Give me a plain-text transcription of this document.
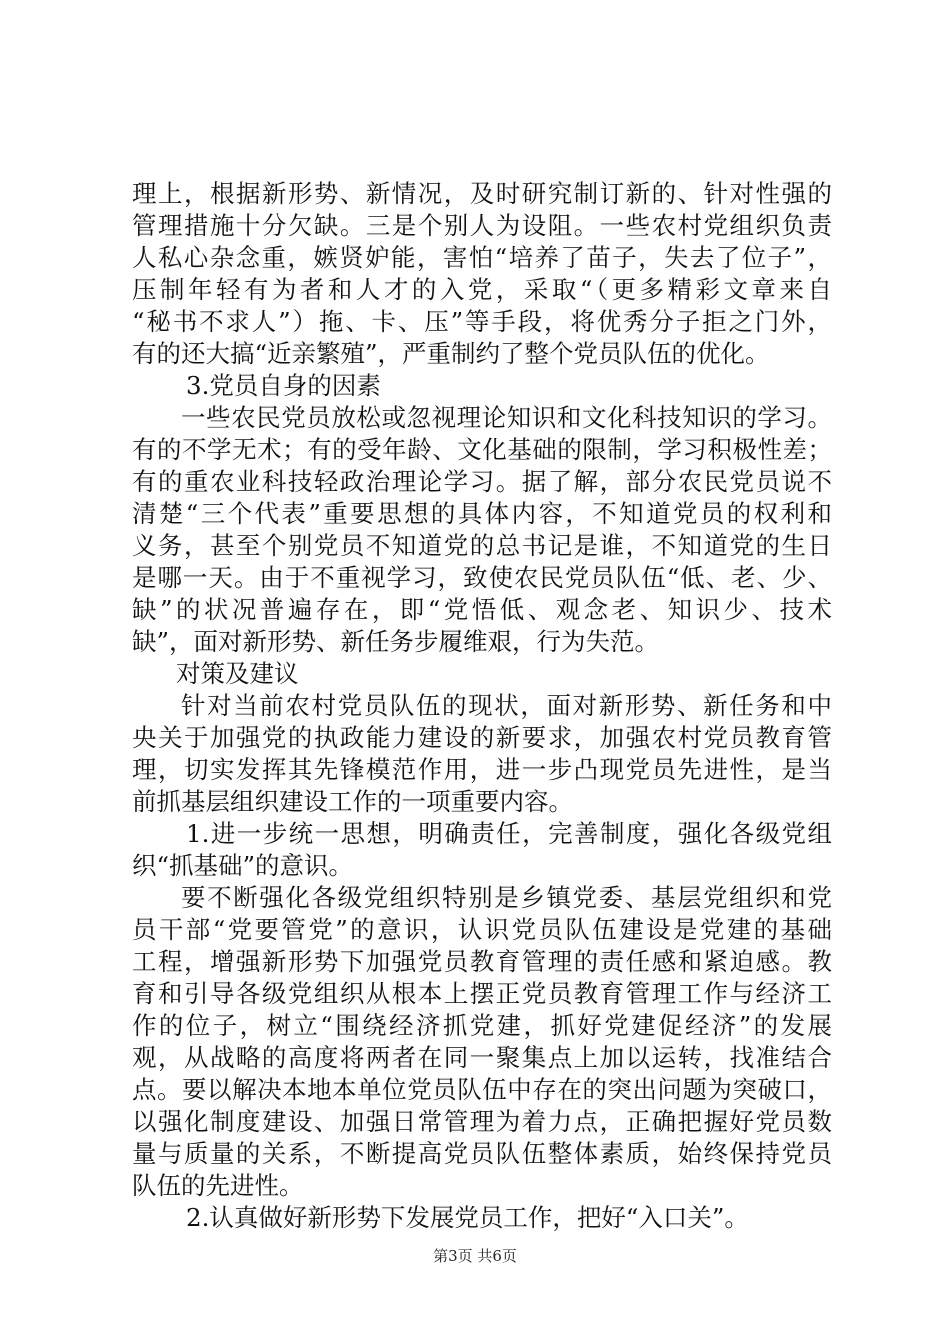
理上，根据新形势、新情况，及时研究制订新的、针对性强的
管理措施十分欠缺。三是个别人为设阻。一些农村党组织负责
人私心杂念重，嫉贤妒能，害怕“培养了苗子，失去了位子”，
压制年轻有为者和人才的入党，采取“（更多精彩文章来自
“秘书不求人”）拖、卡、压”等手段，将优秀分子拒之门外，
有的还大搞“近亲繁殖”，严重制约了整个党员队伍的优化。
3.党员自身的因素
一些农民党员放松或忽视理论知识和文化科技知识的学习。
有的不学无术；有的受年龄、文化基础的限制，学习积极性差；
有的重农业科技轻政治理论学习。据了解，部分农民党员说不
清楚“三个代表”重要思想的具体内容，不知道党员的权利和
义务，甚至个别党员不知道党的总书记是谁，不知道党的生日
是哪一天。由于不重视学习，致使农民党员队伍“低、老、少、
缺”的状况普遍存在，即“党悟低、观念老、知识少、技术
缺”，面对新形势、新任务步履维艰，行为失范。
对策及建议
针对当前农村党员队伍的现状，面对新形势、新任务和中
央关于加强党的执政能力建设的新要求，加强农村党员教育管
理，切实发挥其先锋模范作用，进一步凸现党员先进性，是当
前抓基层组织建设工作的一项重要内容。
1.进一步统一思想，明确责任，完善制度，强化各级党组
织“抓基础”的意识。
要不断强化各级党组织特别是乡镇党委、基层党组织和党
员干部“党要管党”的意识，认识党员队伍建设是党建的基础
工程，增强新形势下加强党员教育管理的责任感和紧迫感。教
育和引导各级党组织从根本上摆正党员教育管理工作与经济工
作的位子，树立“围绕经济抓党建，抓好党建促经济”的发展
观，从战略的高度将两者在同一聚集点上加以运转，找准结合
点。要以解决本地本单位党员队伍中存在的突出问题为突破口，
以强化制度建设、加强日常管理为着力点，正确把握好党员数
量与质量的关系，不断提高党员队伍整体素质，始终保持党员
队伍的先进性。
2.认真做好新形势下发展党员工作，把好“入口关”。
第3页 共6页
